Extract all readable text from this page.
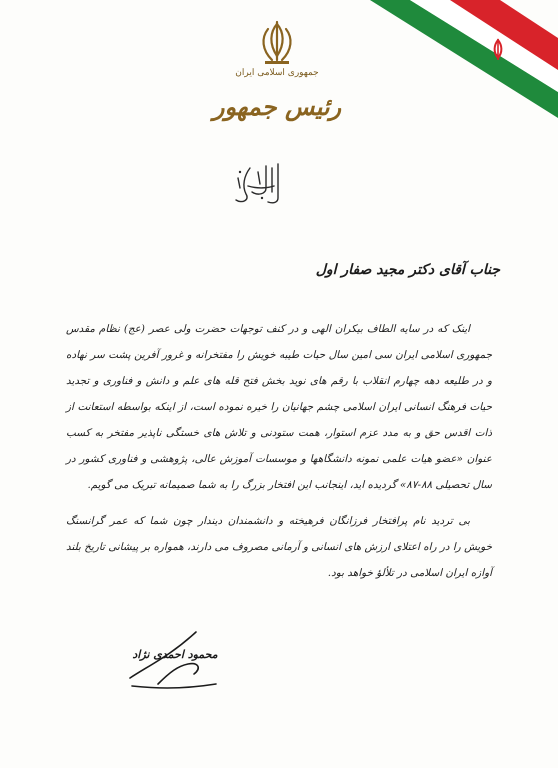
جمهوری اسلامی ایران
رئیس جمهور
جناب آقای دکتر مجید صفار اول

اینک که در سایه الطاف بیکران الهی و در کنف توجهات حضرت ولی عصر (عج) نظام مقدس جمهوری اسلامی ایران سی امین سال حیات طیبه خویش را مفتخرانه و غرور آفرین پشت سر نهاده و در طلیعه دهه چهارم انقلاب با رقم های نوید بخش فتح قله های علم و دانش و فناوری و تجدید حیات فرهنگ انسانی ایران اسلامی چشم جهانیان را خیره نموده است، از اینکه بواسطه استعانت از ذات اقدس حق و به مدد عزم استوار، همت ستودنی و تلاش های خستگی ناپذیر مفتخر به کسب عنوان «عضو هیات علمی نمونه دانشگاهها و موسسات آموزش عالی، پژوهشی و فناوری کشور در سال تحصیلی ۸۸-۸۷» گردیده اید، اینجانب این افتخار بزرگ را به شما صمیمانه تبریک می گویم.

بی تردید نام پرافتخار فرزانگان فرهیخته و دانشمندان دیندار چون شما که عمر گرانسنگ خویش را در راه اعتلای ارزش های انسانی و آرمانی مصروف می دارند، همواره بر پیشانی تاریخ بلند آوازه ایران اسلامی در تلألؤ خواهد بود.

محمود احمدی نژاد
